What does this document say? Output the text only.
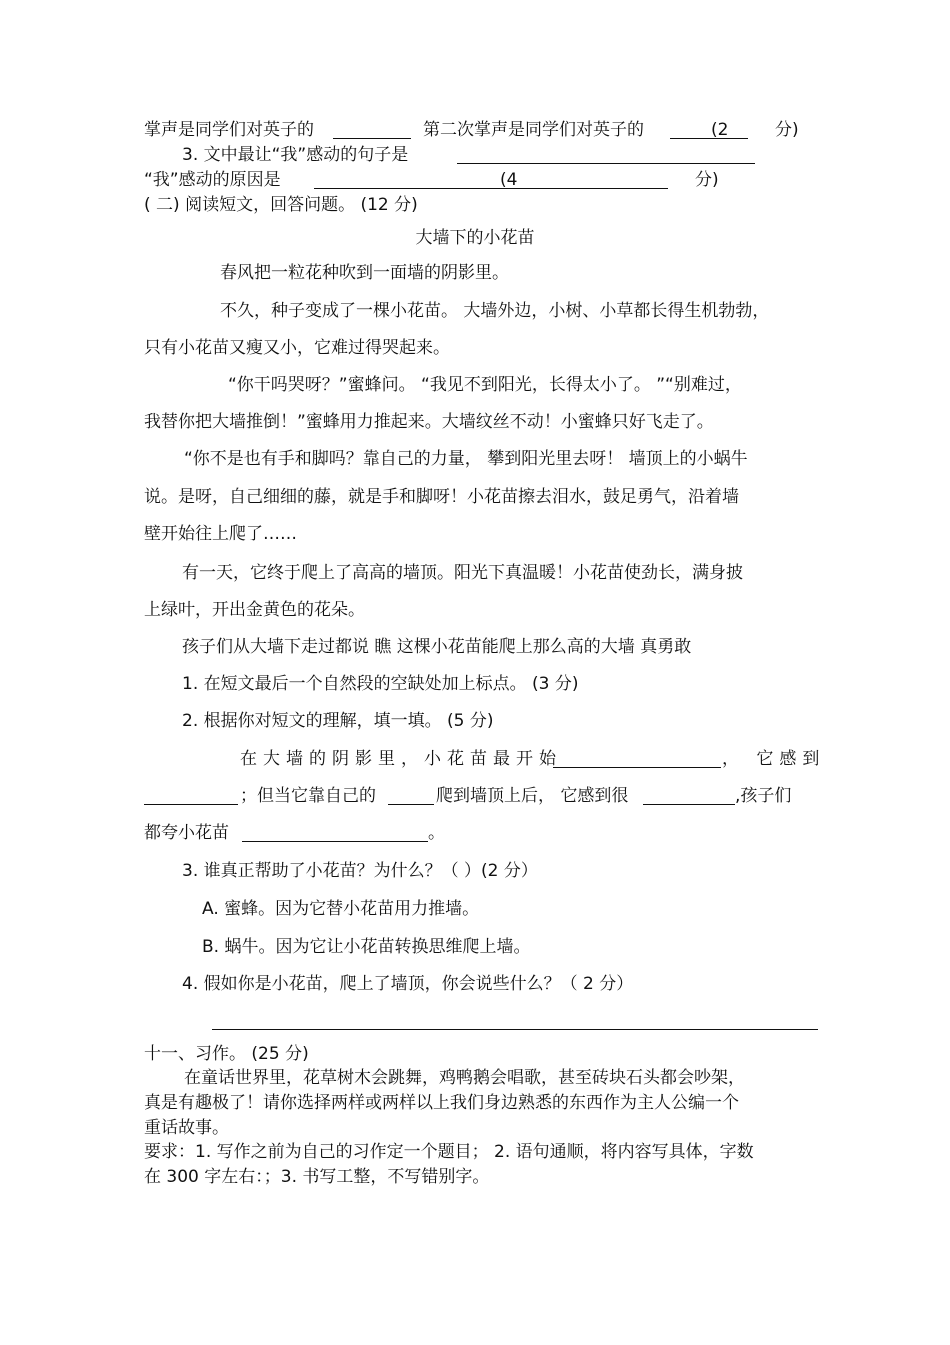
掌声是同学们对英子的	第二次掌声是同学们对英子的	(2	分)
3. 文中最让“我”感动的句子是
“我”感动的原因是	(4	分)
( 二) 阅读短文，回答问题。 (12 分)
大墙下的小花苗
春风把一粒花种吹到一面墙的阴影里。
不久，种子变成了一棵小花苗。 大墙外边，小树、小草都长得生机勃勃，
只有小花苗又瘦又小，它难过得哭起来。
“你干吗哭呀？”蜜蜂问。 “我见不到阳光，长得太小了。 ”“别难过，
我替你把大墙推倒！”蜜蜂用力推起来。大墙纹丝不动！小蜜蜂只好飞走了。
“你不是也有手和脚吗？靠自己的力量， 攀到阳光里去呀！ 墙顶上的小蜗牛
说。是呀，自己细细的藤，就是手和脚呀！小花苗擦去泪水，鼓足勇气，沿着墙
壁开始往上爬了……
有一天，它终于爬上了高高的墙顶。阳光下真温暖！小花苗使劲长，满身披
上绿叶，开出金黄色的花朵。
孩子们从大墙下走过都说 瞧 这棵小花苗能爬上那么高的大墙 真勇敢
1. 在短文最后一个自然段的空缺处加上标点。 (3 分)
2. 根据你对短文的理解，填一填。 (5 分)
在大墙的阴影里，小花苗最开始	， 它感到
；但当它靠自己的	爬到墙顶上后， 它感到很	,孩子们
都夸小花苗	。
3. 谁真正帮助了小花苗？为什么？（ ）(2 分）
A. 蜜蜂。因为它替小花苗用力推墙。
B. 蜗牛。因为它让小花苗转换思维爬上墙。
4. 假如你是小花苗，爬上了墙顶，你会说些什么？（ 2 分）
十一、习作。 (25 分)
在童话世界里，花草树木会跳舞，鸡鸭鹅会唱歌，甚至砖块石头都会吵架，
真是有趣极了！请你选择两样或两样以上我们身边熟悉的东西作为主人公编一个
重话故事。
要求：1. 写作之前为自己的习作定一个题目； 2. 语句通顺，将内容写具体，字数
在 300 字左右：；3. 书写工整，不写错别字。
